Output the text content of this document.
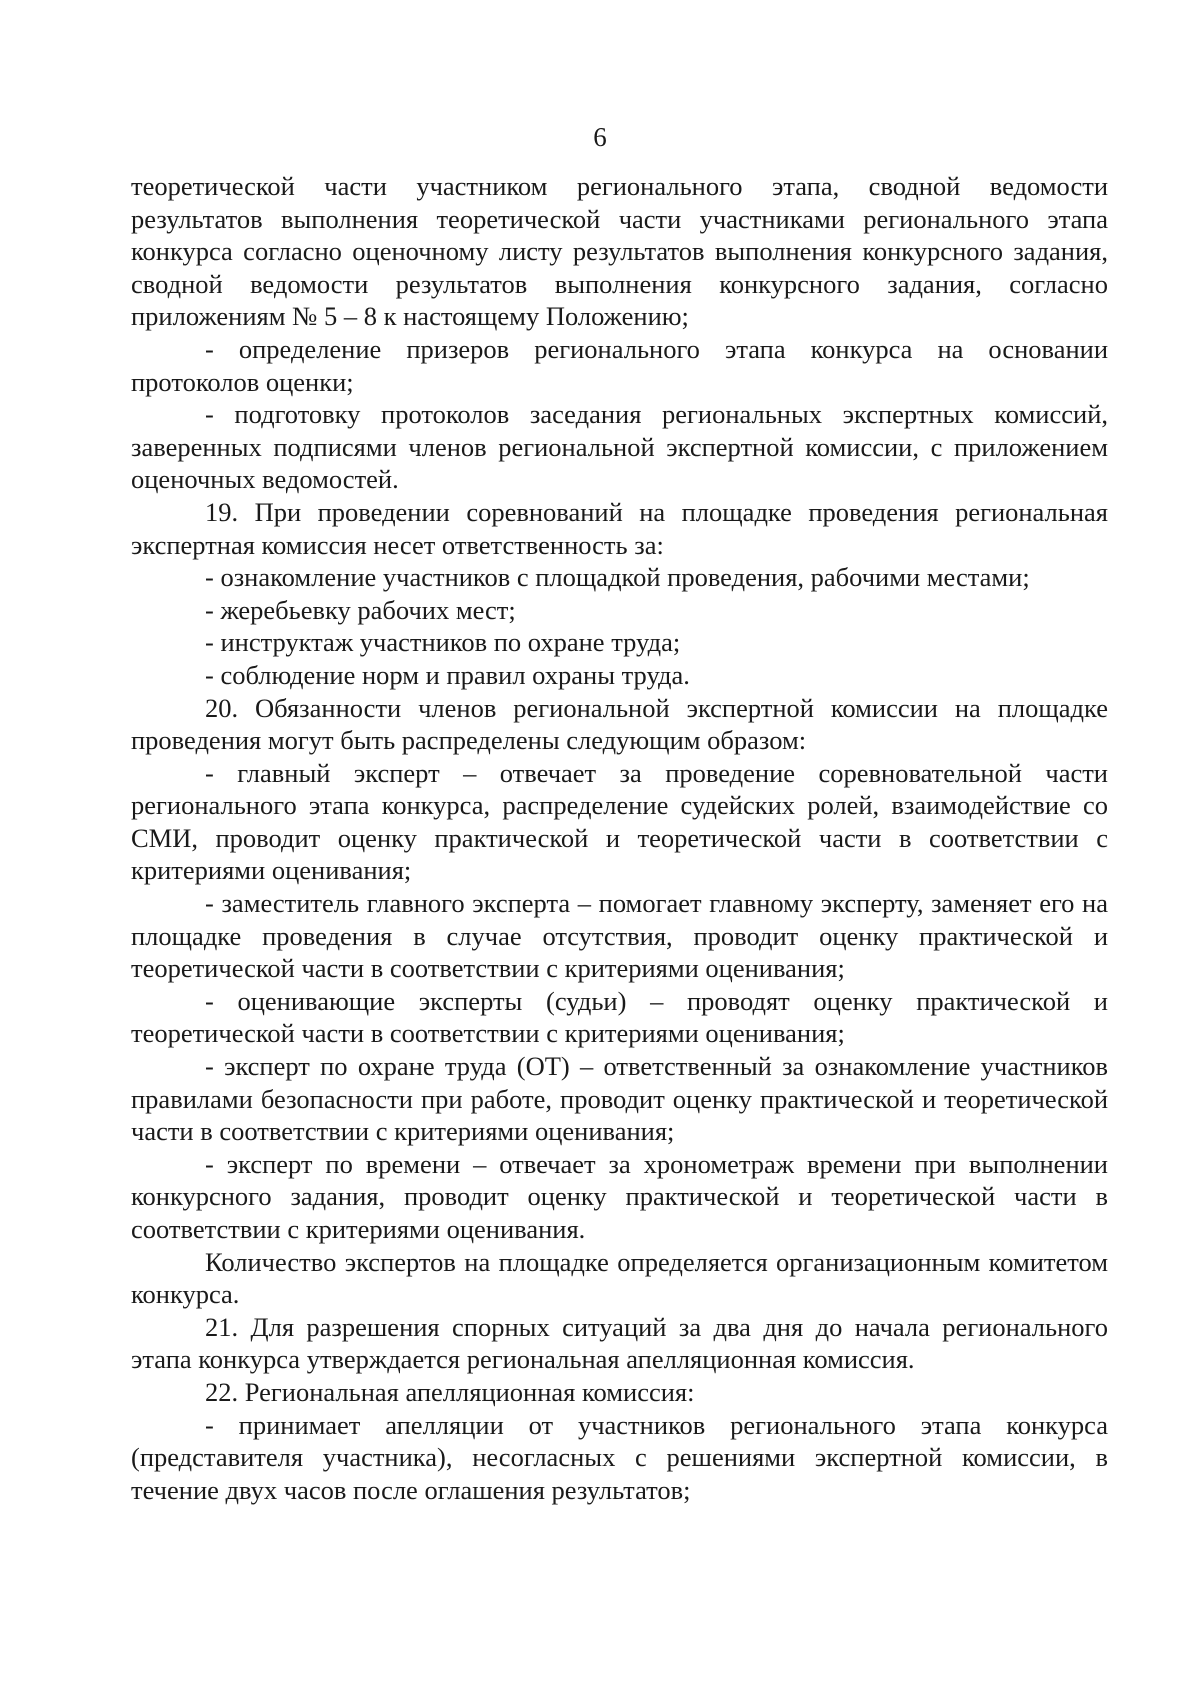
6

теоретической части участником регионального этапа, сводной ведомости результатов выполнения теоретической части участниками регионального этапа конкурса согласно оценочному листу результатов выполнения конкурсного задания, сводной ведомости результатов выполнения конкурсного задания, согласно приложениям № 5 – 8 к настоящему Положению;

- определение призеров регионального этапа конкурса на основании протоколов оценки;

- подготовку протоколов заседания региональных экспертных комиссий, заверенных подписями членов региональной экспертной комиссии, с приложением оценочных ведомостей.

19. При проведении соревнований на площадке проведения региональная экспертная комиссия несет ответственность за:

- ознакомление участников с площадкой проведения, рабочими местами;

- жеребьевку рабочих мест;

- инструктаж участников по охране труда;

- соблюдение норм и правил охраны труда.

20. Обязанности членов региональной экспертной комиссии на площадке проведения могут быть распределены следующим образом:

- главный эксперт – отвечает за проведение соревновательной части регионального этапа конкурса, распределение судейских ролей, взаимодействие со СМИ, проводит оценку практической и теоретической части в соответствии с критериями оценивания;

- заместитель главного эксперта – помогает главному эксперту, заменяет его на площадке проведения в случае отсутствия, проводит оценку практической и теоретической части в соответствии с критериями оценивания;

- оценивающие эксперты (судьи) – проводят оценку практической и теоретической части в соответствии с критериями оценивания;

- эксперт по охране труда (ОТ) – ответственный за ознакомление участников правилами безопасности при работе, проводит оценку практической и теоретической части в соответствии с критериями оценивания;

- эксперт по времени – отвечает за хронометраж времени при выполнении конкурсного задания, проводит оценку практической и теоретической части в соответствии с критериями оценивания.

Количество экспертов на площадке определяется организационным комитетом конкурса.

21. Для разрешения спорных ситуаций за два дня до начала регионального этапа конкурса утверждается региональная апелляционная комиссия.

22. Региональная апелляционная комиссия:

- принимает апелляции от участников регионального этапа конкурса (представителя участника), несогласных с решениями экспертной комиссии, в течение двух часов после оглашения результатов;
